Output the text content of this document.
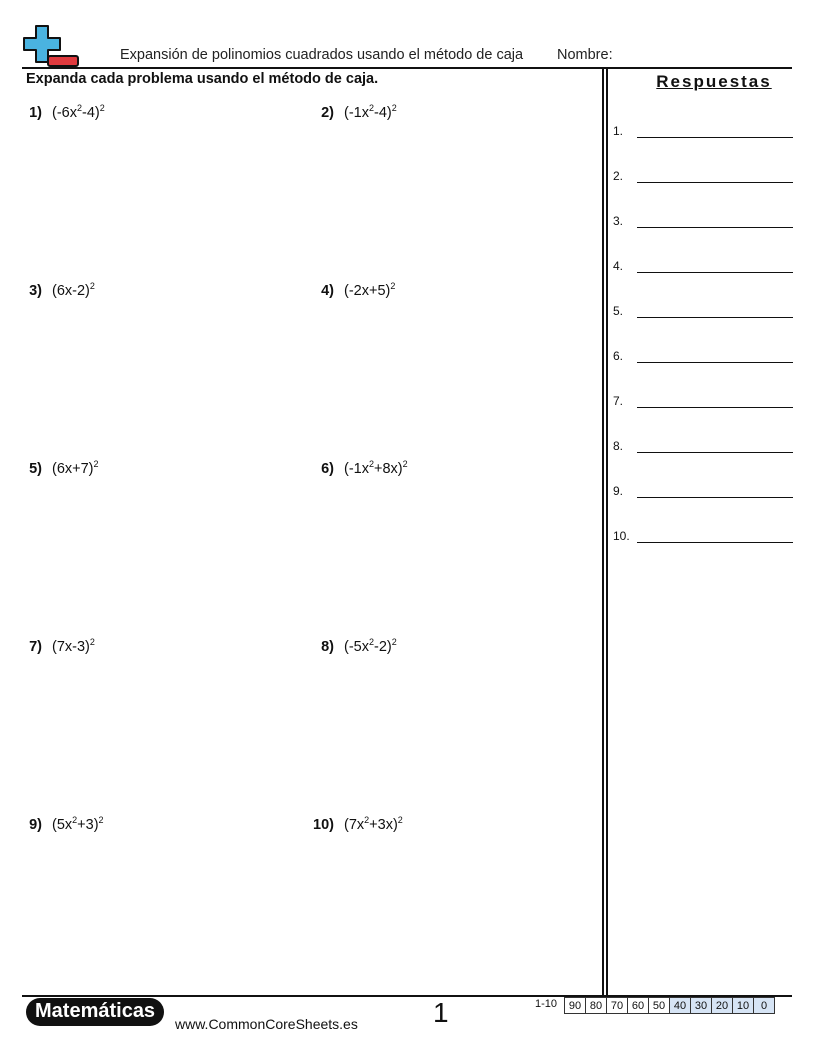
Expansión de polinomios cuadrados usando el método de caja Nombre:
Expanda cada problema usando el método de caja.
1) $(-6x^2-4)^2$	2) $(-1x^2-4)^2$
3) $(6x-2)^2$	4) $(-2x+5)^2$
5) $(6x+7)^2$	6) $(-1x^2+8x)^2$
7) $(7x-3)^2$	8) $(-5x^2-2)^2$
9) $(5x^2+3)^2$	10) $(7x^2+3x)^2$
Respuestas
1.
2.
3.
4.
5.
6.
7.
8.
9.
10.
Matemáticas
www.CommonCoreSheets.es	1	1-10 90	80	70	60	50	40	30	20	10	0
